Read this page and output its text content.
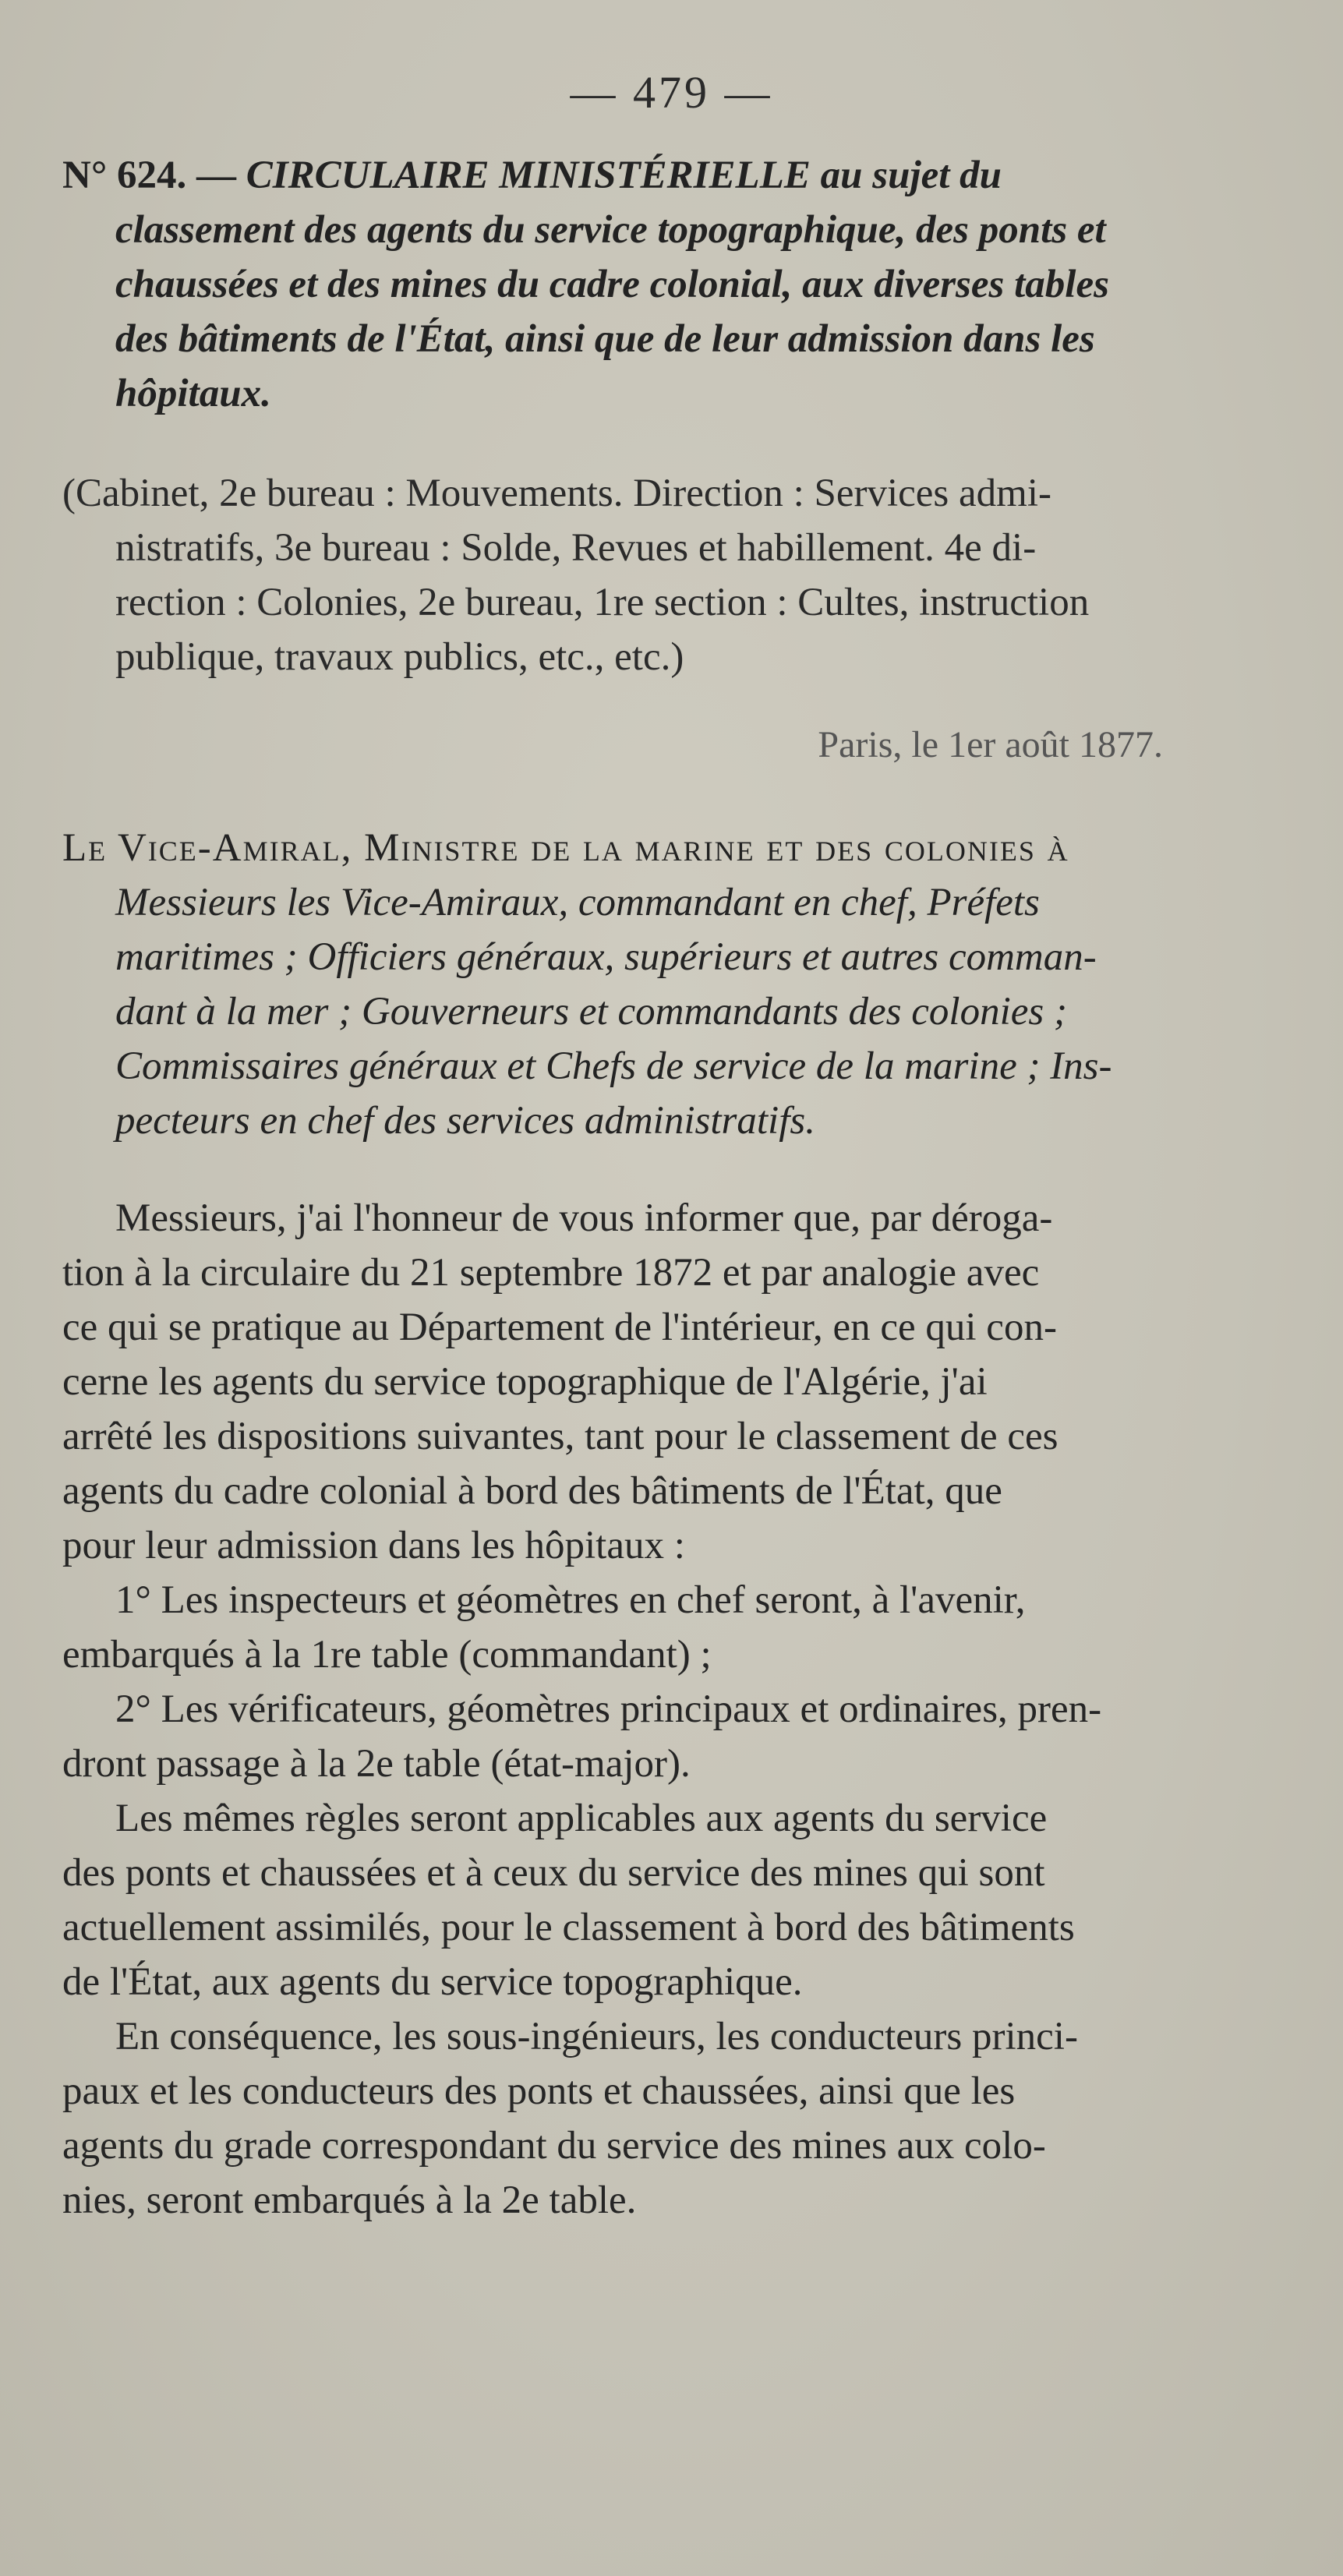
— 479 —

N° 624. — CIRCULAIRE MINISTÉRIELLE au sujet du

classement des agents du service topographique, des ponts et

chaussées et des mines du cadre colonial, aux diverses tables

des bâtiments de l'État, ainsi que de leur admission dans les

hôpitaux.

(Cabinet, 2e bureau : Mouvements. Direction : Services admi-

nistratifs, 3e bureau : Solde, Revues et habillement. 4e di-

rection : Colonies, 2e bureau, 1re section : Cultes, instruction

publique, travaux publics, etc., etc.)

Paris, le 1er août 1877.

Le Vice-Amiral, Ministre de la marine et des colonies à

Messieurs les Vice-Amiraux, commandant en chef, Préfets

maritimes ; Officiers généraux, supérieurs et autres comman-

dant à la mer ; Gouverneurs et commandants des colonies ;

Commissaires généraux et Chefs de service de la marine ; Ins-

pecteurs en chef des services administratifs.

Messieurs, j'ai l'honneur de vous informer que, par déroga-

tion à la circulaire du 21 septembre 1872 et par analogie avec

ce qui se pratique au Département de l'intérieur, en ce qui con-

cerne les agents du service topographique de l'Algérie, j'ai

arrêté les dispositions suivantes, tant pour le classement de ces

agents du cadre colonial à bord des bâtiments de l'État, que

pour leur admission dans les hôpitaux :

1° Les inspecteurs et géomètres en chef seront, à l'avenir,

embarqués à la 1re table (commandant) ;

2° Les vérificateurs, géomètres principaux et ordinaires, pren-

dront passage à la 2e table (état-major).

Les mêmes règles seront applicables aux agents du service

des ponts et chaussées et à ceux du service des mines qui sont

actuellement assimilés, pour le classement à bord des bâtiments

de l'État, aux agents du service topographique.

En conséquence, les sous-ingénieurs, les conducteurs princi-

paux et les conducteurs des ponts et chaussées, ainsi que les

agents du grade correspondant du service des mines aux colo-

nies, seront embarqués à la 2e table.
